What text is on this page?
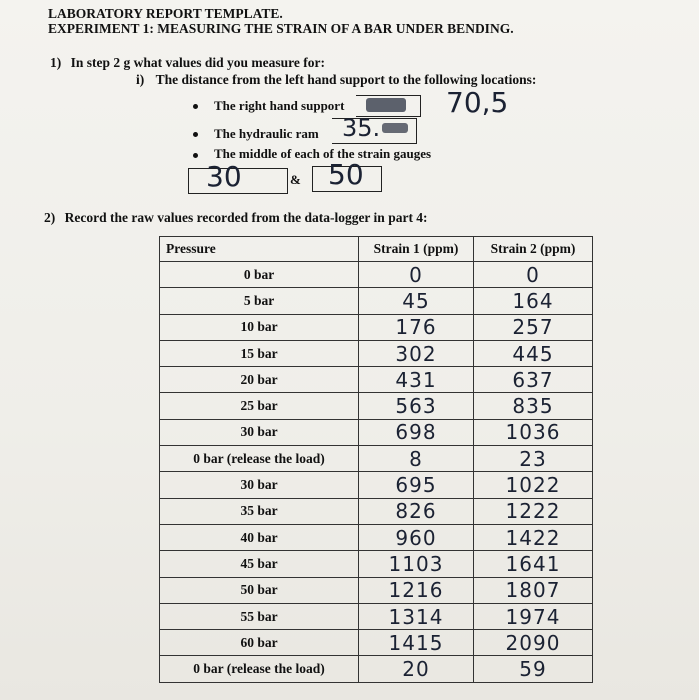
LABORATORY REPORT TEMPLATE.
EXPERIMENT 1: MEASURING THE STRAIN OF A BAR UNDER BENDING.
1) In step 2 g what values did you measure for:
i) The distance from the left hand support to the following locations:
The right hand support	70,5
The hydraulic ram 35.
The middle of each of the strain gauges
30	& 50
2) Record the raw values recorded from the data-logger in part 4:
Pressure	Strain 1 (ppm)	Strain 2 (ppm)
0 bar	0	0
5 bar	45	164
10 bar	176	257
15 bar	302	445
20 bar	431	637
25 bar	563	835
30 bar	698	1036
0 bar (release the load)	8	23
30 bar	695	1022
35 bar	826	1222
40 bar	960	1422
45 bar	1103	1641
50 bar	1216	1807
55 bar	1314	1974
60 bar	1415	2090
0 bar (release the load)	20	59
